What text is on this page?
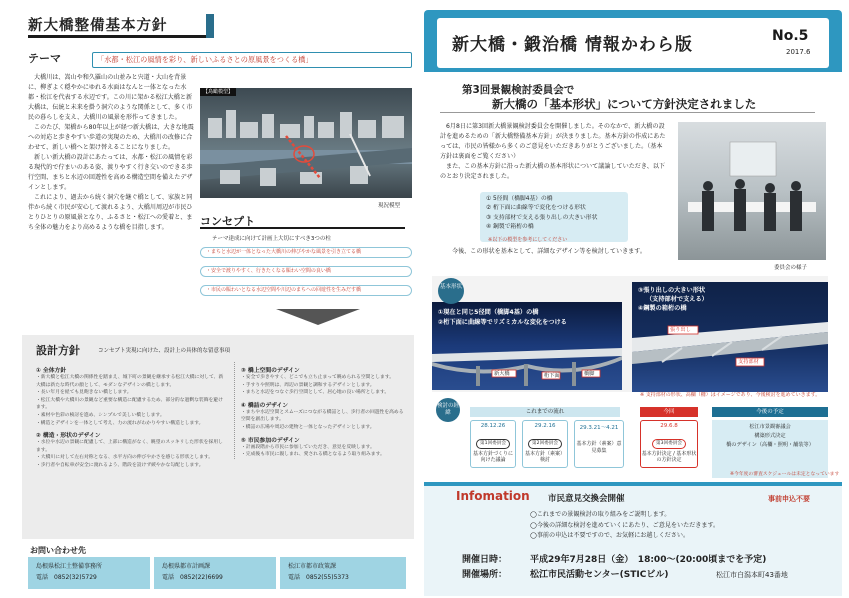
新大橋整備基本方針
テーマ	「水都・松江の風情を彩り、新しいふるさとの原風景をつくる橋」

大橋川は、嵩山や和久羅山の山並みと宍道・大山を背景に、柳ぎよく穏やかにゆれる水面はなんと一体となった水都・松江を代表する水辺です。この川に架かる松江大橋と新大橋は、伝統と未来を掛う洞穴のような関係として、多く市民の暮らしを支え、大橋川の風景を形作ってきました。

このたび、架橋から80年以上が経つ新大橋は、大きな地震への対応と歩きやすい歩道の実現のため、大橋川の改修に合わせて、新しい橋へと架け替えることになりました。

新しい新大橋の設計にあたっては、水都・松江の風情を彩る現代的で佇まいのある姿、渡りやすく行き交いのできる歩行空間、まちと水辺の回遊性を高める構造空間を備えたデザインとします。

これにより、過去から続く洞穴を継ぐ橋として、家族と同伴から続く市民が安心して渡れるよう、大橋川周辺が市民ひとりひとりの原風景となり、ふるさと・松江への愛着と、まち全体の魅力をより高めるような橋を目指します。

【鳥瞰模型】
現況模型
コンセプト
テーマ達成に向けて計画上大切にすべき3つの柱
・まちと水辺が一体となった大橋川の伸びやかな風景を引き立てる橋
・安全で渡りやすく、行きたくなる賑わい空間の良い橋
・市民の賑わいとなる水辺空間や川辺のまちへの回遊性を生みだす橋
設計方針	コンセプト実現に向けた、設計上の具体的な留意事項
① 全体方針
・新大橋と松江大橋の関係性を踏まえ、城下町の景観を継承する松江大橋に対して、新大橋は新たな時代の顔として、モダンなデザインの橋とします。
・長い年月を経ても見飽きない橋とします。
・松江大橋や大橋川の景観など重要な構造に配慮するため、部分的な過剰な装飾を避けます。
・素材や色彩の検討を進め、シンプルで美しい橋とします。
・構造とデザインを一体として考え、力の流れがわかりやすい構造とします。
② 構造・形状のデザイン
・水位や水辺の景観に配慮して、上部に構造がなく、眺望のスッキリした形状を採用します。
・大橋川に対して左右対称となる、水平方向の伸びやかさを感じる形状とします。
・歩行者や自転車が安全に渡れるよう、階段を設けず緩やかな勾配とします。
③ 橋上空間のデザイン
・安全で歩きやすく、どこでも立ち止まって眺められる空間とします。
・手すりや照明は、周辺の景観と調和するデザインとします。
・まちと水辺をつなぐ歩行空間として、居心地の良い場所とします。
④ 橋詰のデザイン
・まちや水辺空間とスムーズにつながる橋詰とし、歩行者の回遊性を高める空間を創出します。
・橋詰の広場や周辺の建物と一体となったデザインとします。
⑤ 市民参加のデザイン
・計画段階から市民に参加していただき、意見を反映します。
・完成後も市民に親しまれ、愛される橋となるよう取り組みます。
お問い合わせ先
島根県松江土整備事務所
電話　0852(32)5729
島根県都市計画課
電話　0852(22)6699
松江市都市政策課
電話　0852(55)5373
新大橋・鍛治橋 情報かわら版	No.5
2017.6
第3回景観検討委員会で
新大橋の「基本形状」について方針決定されました

6月8日に第3回新大橋景観検討委員会を開催しました。そのなかで、新大橋の設計を進めるための「新大橋整備基本方針」が決まりました。基本方針の作成にあたっては、市民の皆様から多くのご意見をいただきありがとうございました。（基本方針は裏面をご覧ください）

また、この基本方針に沿った新大橋の基本形状について議論していただき、以下のとおり決定されました。

① 5径間（橋脚4基）の橋
② 桁下面に曲線等で変化をつける形状
③ 支持部材で支える張り出しの大きい形状
④ 鋼製で箱桁の橋
※以下の模型を参考にしてください
今後、この形状を基本として、詳細なデザイン等を検討していきます。
委員会の様子
①現在と同じ5径間（橋脚4基）の橋
②桁下面に曲線等でリズミカルな変化をつける
新大橋	桁下面	橋脚
基本形状	③張り出しの大きい形状
（支持部材で支える）
④鋼製の箱桁の橋
張り出し
支持部材
※ 支持部材の形状、高欄（柵）はイメージであり、今後検討を進めていきます。
検討の経緯	これまでの流れ	今回	今後の予定
28.12.26
第1回委員会
基本方針づくりに向けた議論
29.2.16
第2回委員会
基本方針（素案）検討
29.3.21〜4.21
基本方針（素案）意見募集
29.6.8
第3回委員会
基本方針決定 / 基本形状の方針決定
松江市景観審議会
構築形式決定
橋のデザイン（高欄・照明・舗装等）
※今年度の審査スケジュールは未定となっています
Infomation 市民意見交換会開催	事前申込不要
◯これまでの景観検討の取り組みをご説明します。
◯今後の詳細な検討を進めていくにあたり、ご意見をいただきます。
◯事前の申込は不要ですので、お気軽にお越しください。
開催日時：	平成29年7月28日（金）　18:00〜(20:00頃までを予定)
開催場所：	松江市民活動センター(STICビル)	松江市白潟本町43番地
